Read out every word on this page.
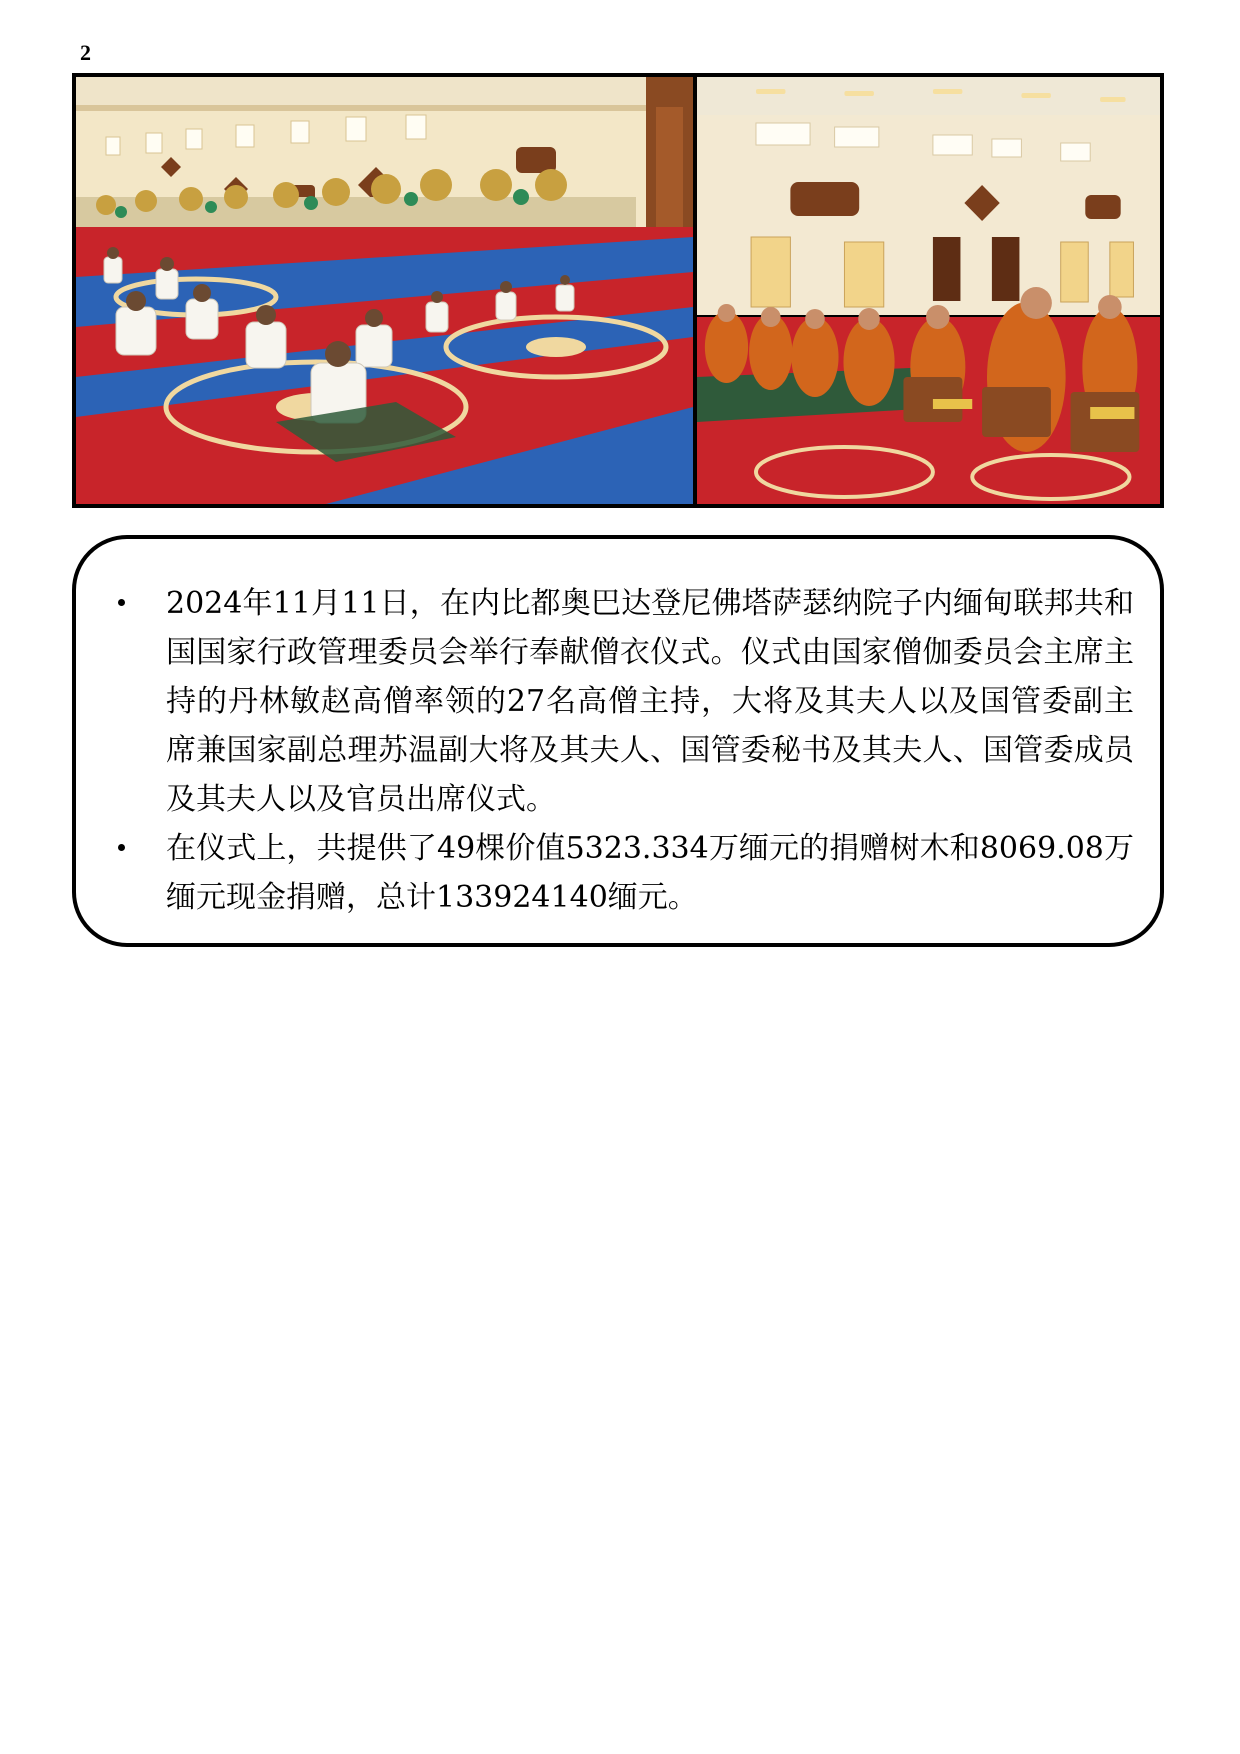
2
2024年11月11日，在内比都奥巴达登尼佛塔萨瑟纳院子内缅甸联邦共和国国家行政管理委员会举行奉献僧衣仪式。仪式由国家僧伽委员会主席主持的丹林敏赵高僧率领的27名高僧主持，大将及其夫人以及国管委副主席兼国家副总理苏温副大将及其夫人、国管委秘书及其夫人、国管委成员及其夫人以及官员出席仪式。
在仪式上，共提供了49棵价值5323.334万缅元的捐赠树木和8069.08万缅元现金捐赠，总计133924140缅元。
